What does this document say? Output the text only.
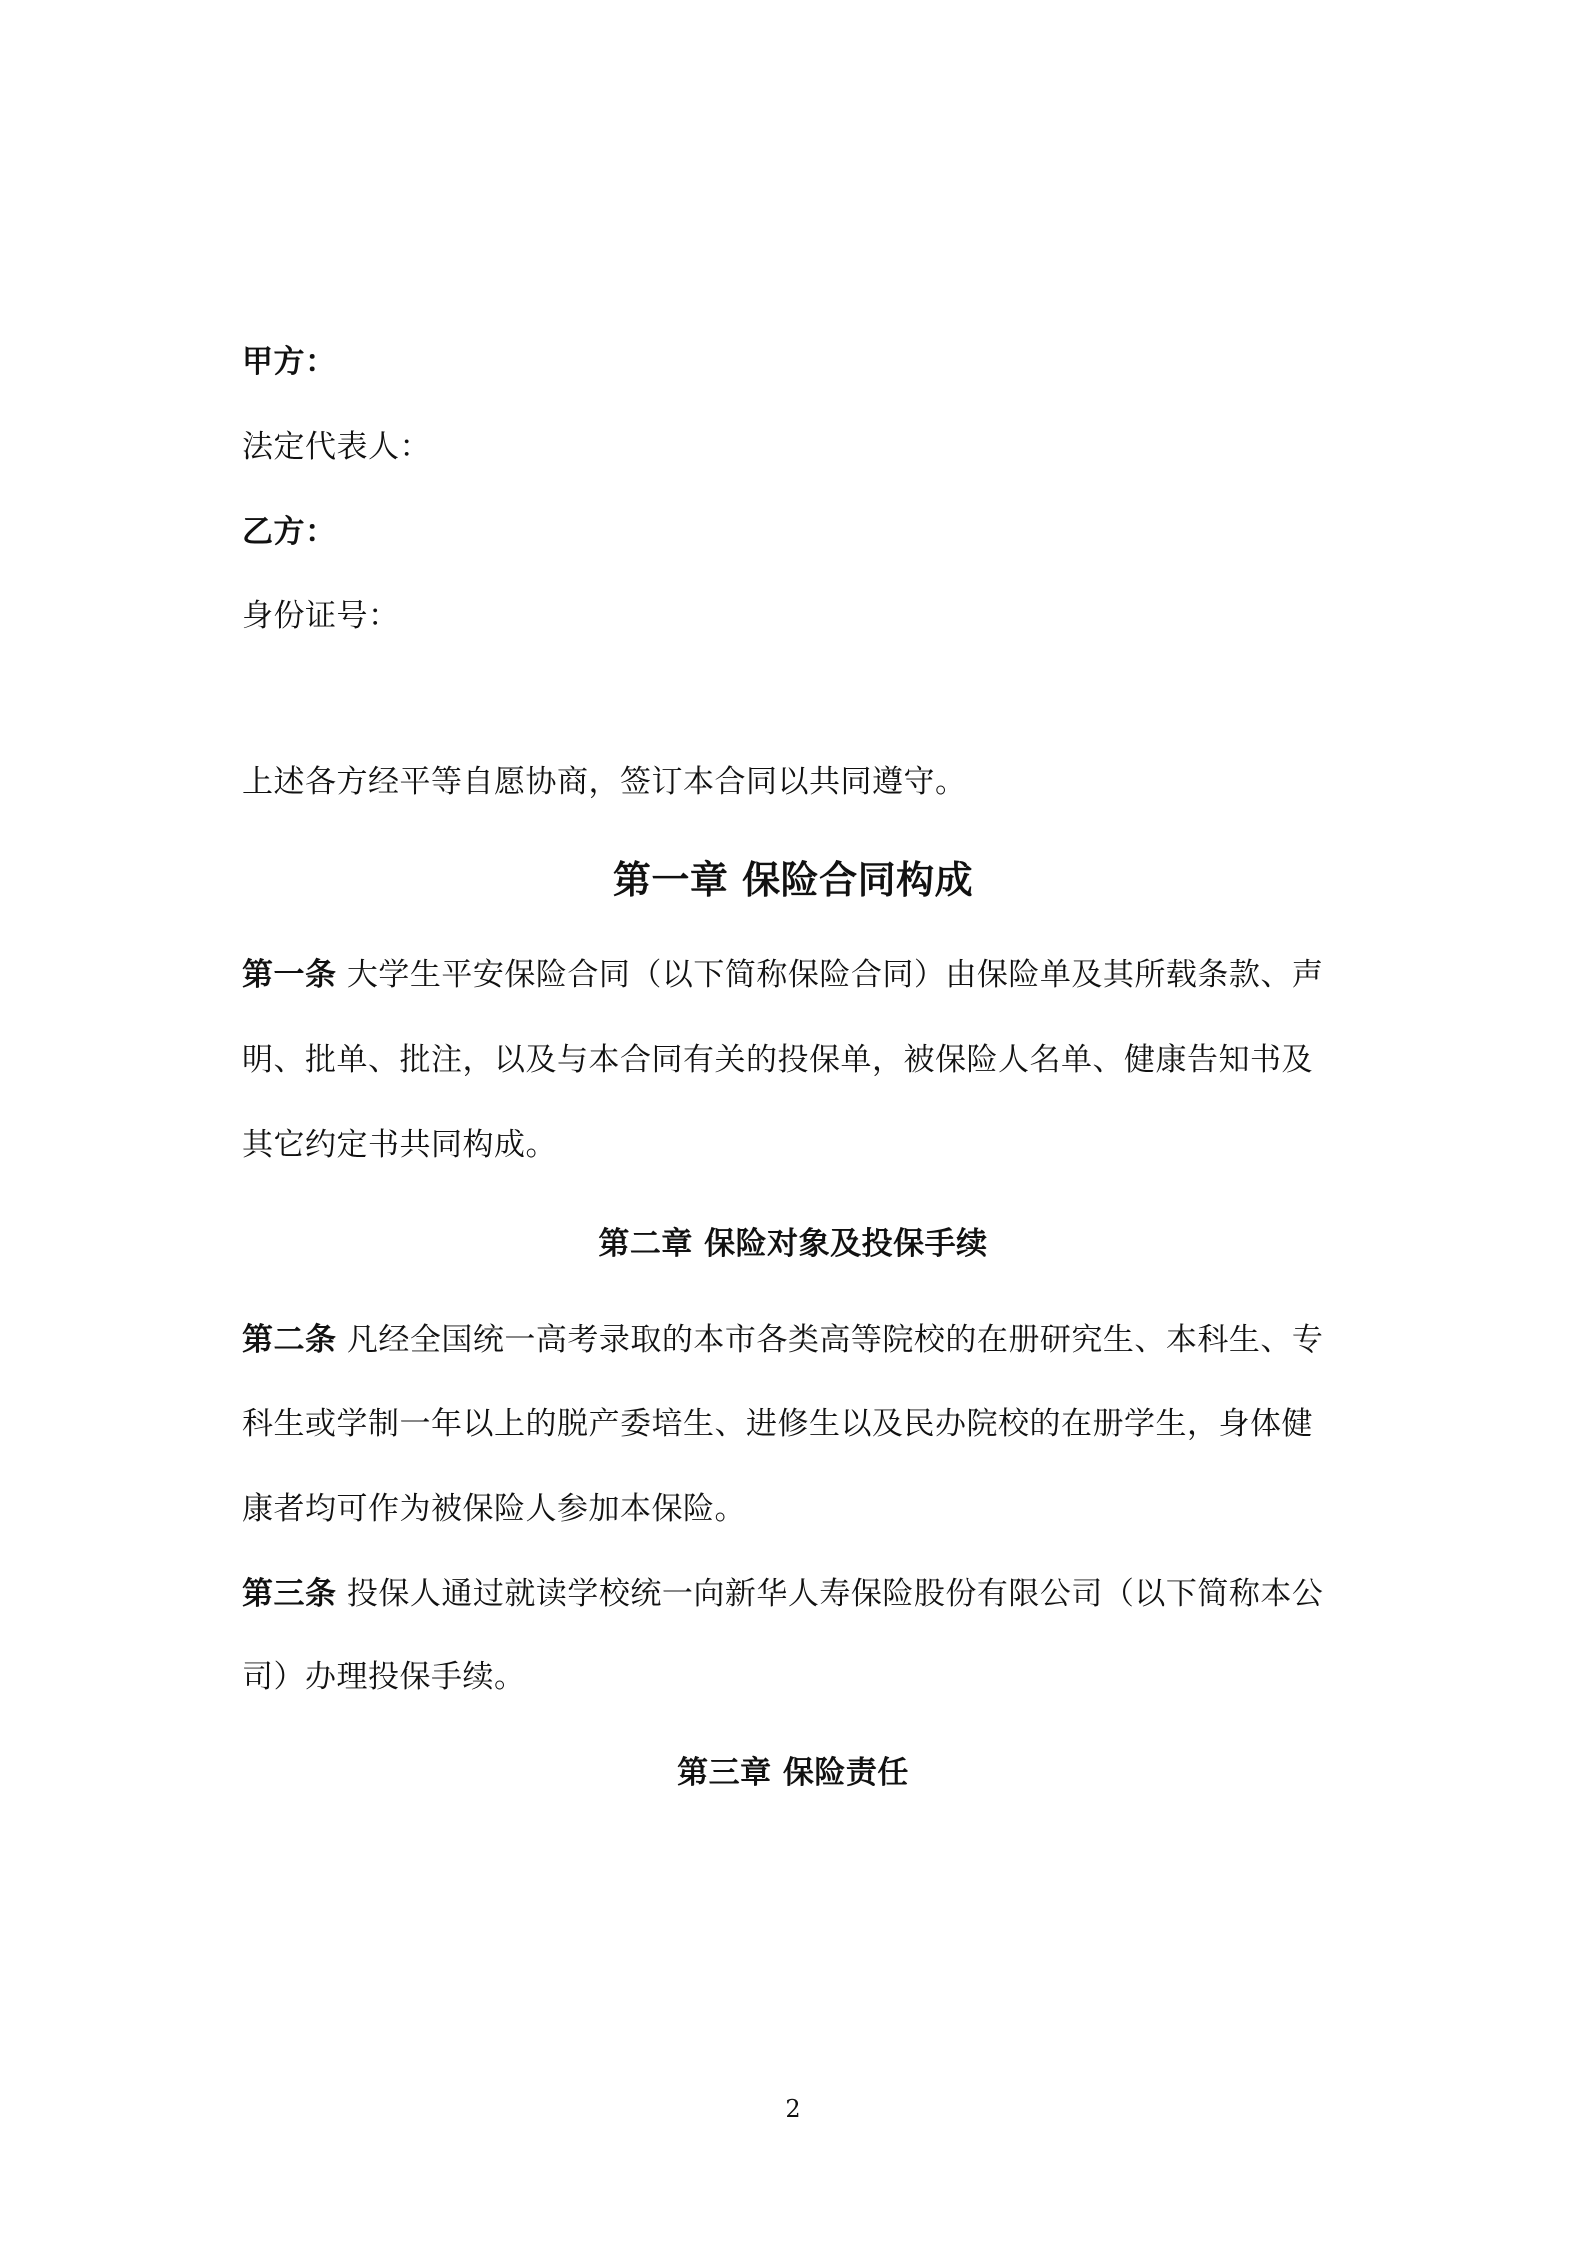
甲方：
法定代表人：
乙方：
身份证号：
上述各方经平等自愿协商，签订本合同以共同遵守。
第一章 保险合同构成
第一条 大学生平安保险合同（以下简称保险合同）由保险单及其所载条款、声
明、批单、批注，以及与本合同有关的投保单，被保险人名单、健康告知书及
其它约定书共同构成。
第二章 保险对象及投保手续
第二条 凡经全国统一高考录取的本市各类高等院校的在册研究生、本科生、专
科生或学制一年以上的脱产委培生、进修生以及民办院校的在册学生，身体健
康者均可作为被保险人参加本保险。
第三条 投保人通过就读学校统一向新华人寿保险股份有限公司（以下简称本公
司）办理投保手续。
第三章 保险责任
2
